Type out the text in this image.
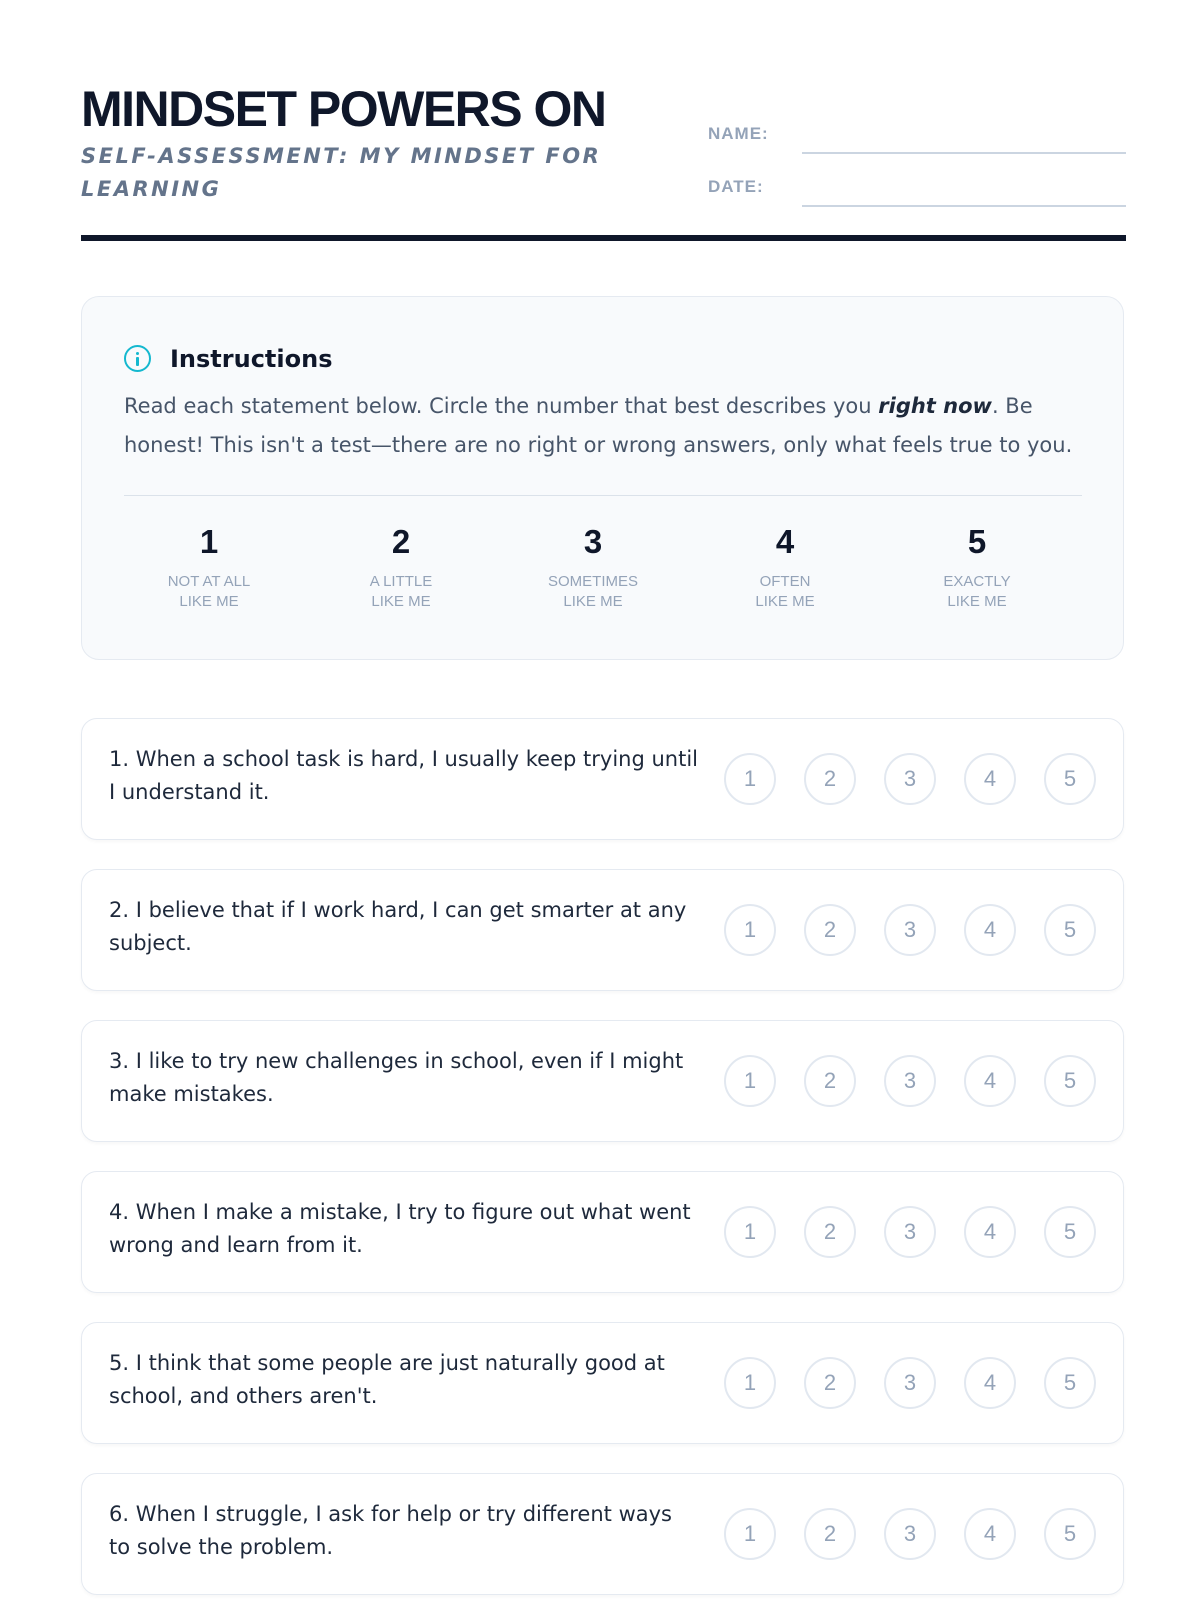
MINDSET POWERS ON

SELF-ASSESSMENT: MY MINDSET FOR LEARNING

NAME:
DATE:
Instructions

Read each statement below. Circle the number that best describes you right now. Be honest! This isn't a test—there are no right or wrong answers, only what feels true to you.

1
NOT AT ALL
LIKE ME
2
A LITTLE
LIKE ME
3
SOMETIMES
LIKE ME
4
OFTEN
LIKE ME
5
EXACTLY
LIKE ME

1. When a school task is hard, I usually keep trying until I understand it.

1	2	3	4	5

2. I believe that if I work hard, I can get smarter at any subject.

1	2	3	4	5

3. I like to try new challenges in school, even if I might make mistakes.

1	2	3	4	5

4. When I make a mistake, I try to figure out what went wrong and learn from it.

1	2	3	4	5

5. I think that some people are just naturally good at school, and others aren't.

1	2	3	4	5

6. When I struggle, I ask for help or try different ways to solve the problem.

1	2	3	4	5
